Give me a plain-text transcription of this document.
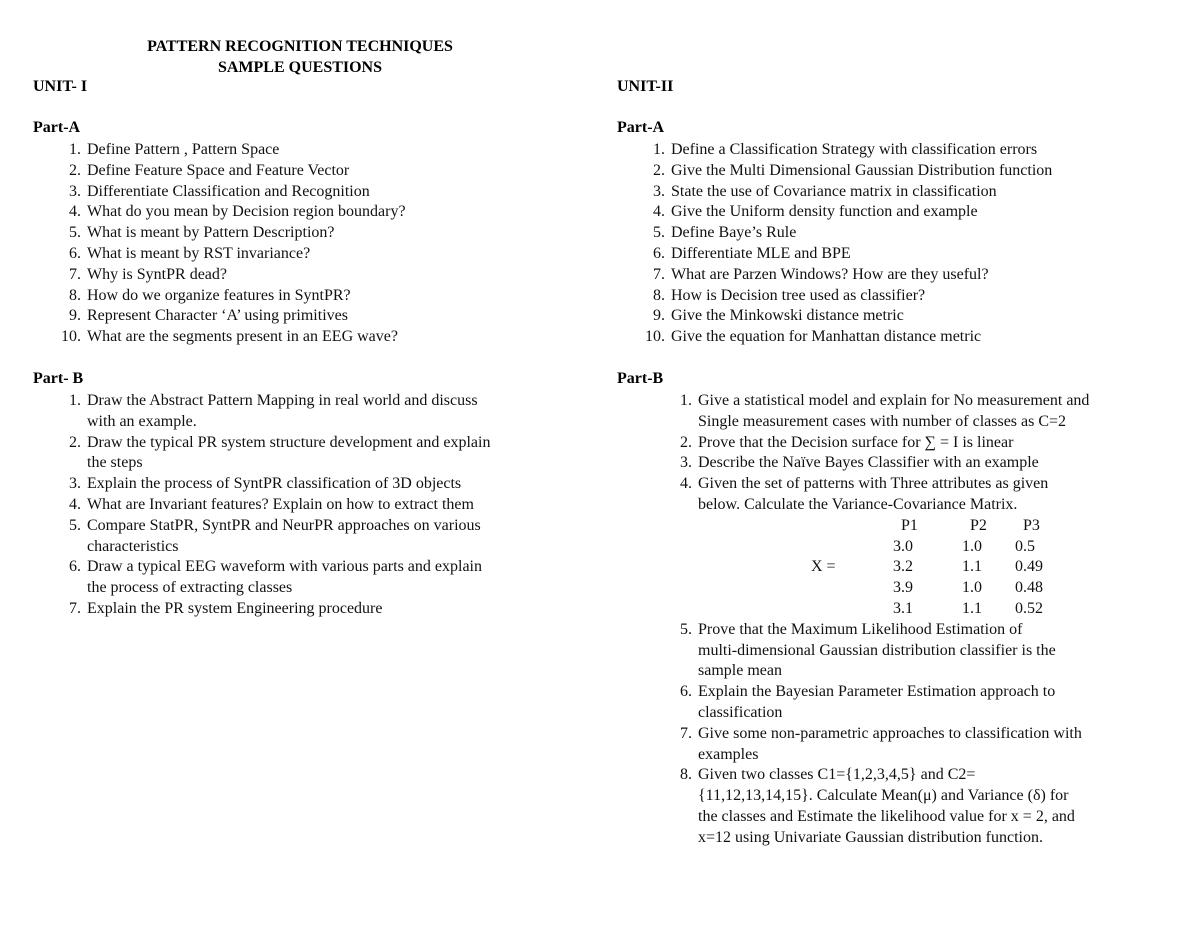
PATTERN RECOGNITION TECHNIQUES
SAMPLE QUESTIONS
UNIT- I
Part-A
1. Define Pattern , Pattern Space
2. Define Feature Space and Feature Vector
3. Differentiate Classification and Recognition
4. What do you mean by Decision region boundary?
5. What is meant by Pattern Description?
6. What is meant by RST invariance?
7. Why is SyntPR dead?
8. How do we organize features in SyntPR?
9. Represent Character ‘A’ using primitives
10. What are the segments present in an EEG wave?
Part- B
1. Draw the Abstract Pattern Mapping in real world and discuss
with an example.
2. Draw the typical PR system structure development and explain
the steps
3. Explain the process of SyntPR classification of 3D objects
4. What are Invariant features? Explain on how to extract them
5. Compare StatPR, SyntPR and NeurPR approaches on various
characteristics
6. Draw a typical EEG waveform with various parts and explain
the process of extracting classes
7. Explain the PR system Engineering procedure
UNIT-II
Part-A
1. Define a Classification Strategy with classification errors
2. Give the Multi Dimensional Gaussian Distribution function
3. State the use of Covariance matrix in classification
4. Give the Uniform density function and example
5. Define Baye’s Rule
6. Differentiate MLE and BPE
7. What are Parzen Windows? How are they useful?
8. How is Decision tree used as classifier?
9. Give the Minkowski distance metric
10. Give the equation for Manhattan distance metric
Part-B
1. Give a statistical model and explain for No measurement and
Single measurement cases with number of classes as C=2
2. Prove that the Decision surface for ∑ = I is linear
3. Describe the Naïve Bayes Classifier with an example
4. Given the set of patterns with Three attributes as given
below. Calculate the Variance-Covariance Matrix.
P1	P2 P3
3.0	1.0 0.5
3.2	1.1 0.49
3.9	1.0 0.48
3.1	1.1 0.52
X =
5. Prove that the Maximum Likelihood Estimation of
multi-dimensional Gaussian distribution classifier is the
sample mean
6. Explain the Bayesian Parameter Estimation approach to
classification
7. Give some non-parametric approaches to classification with
examples
8. Given two classes C1={1,2,3,4,5} and C2=
{11,12,13,14,15}. Calculate Mean(μ) and Variance (δ) for
the classes and Estimate the likelihood value for x = 2, and
x=12 using Univariate Gaussian distribution function.
